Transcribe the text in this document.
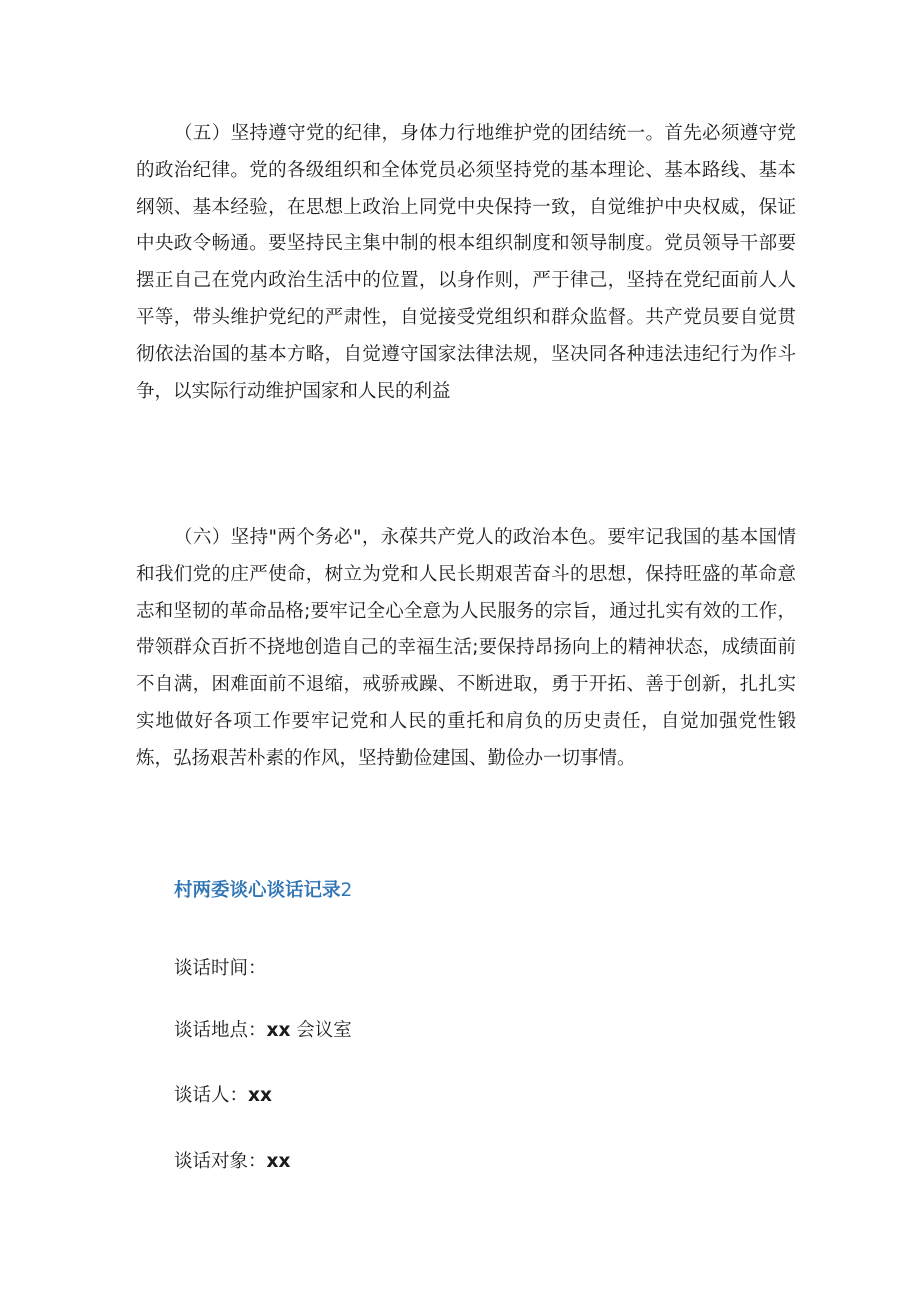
（五）坚持遵守党的纪律，身体力行地维护党的团结统一。首先必须遵守党的政治纪律。党的各级组织和全体党员必须坚持党的基本理论、基本路线、基本纲领、基本经验，在思想上政治上同党中央保持一致，自觉维护中央权威，保证中央政令畅通。要坚持民主集中制的根本组织制度和领导制度。党员领导干部要摆正自己在党内政治生活中的位置，以身作则，严于律己，坚持在党纪面前人人平等，带头维护党纪的严肃性，自觉接受党组织和群众监督。共产党员要自觉贯彻依法治国的基本方略，自觉遵守国家法律法规，坚决同各种违法违纪行为作斗争，以实际行动维护国家和人民的利益

（六）坚持"两个务必"，永葆共产党人的政治本色。要牢记我国的基本国情和我们党的庄严使命，树立为党和人民长期艰苦奋斗的思想，保持旺盛的革命意志和坚韧的革命品格;要牢记全心全意为人民服务的宗旨，通过扎实有效的工作，带领群众百折不挠地创造自己的幸福生活;要保持昂扬向上的精神状态，成绩面前不自满，困难面前不退缩，戒骄戒躁、不断进取，勇于开拓、善于创新，扎扎实实地做好各项工作要牢记党和人民的重托和肩负的历史责任，自觉加强党性锻炼，弘扬艰苦朴素的作风，坚持勤俭建国、勤俭办一切事情。

村两委谈心谈话记录2

谈话时间：

谈话地点：xx 会议室

谈话人：xx

谈话对象：xx
